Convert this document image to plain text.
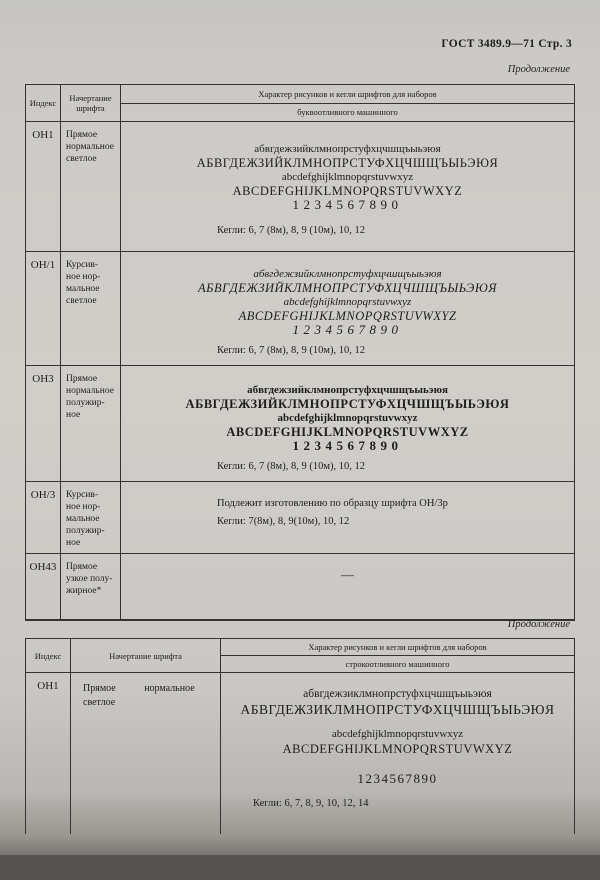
ГОСТ 3489.9—71 Стр. 3
Продолжение
Индекс	Начертание шрифта
Характер рисунков и кегли шрифтов для наборов
буквоотливного машинного
ОН1	Прямое
нормальное
светлое
абвгдежзийклмнопрстуфхцчшщъыьэюя
АБВГДЕЖЗИЙКЛМНОПРСТУФХЦЧШЩЪЫЬЭЮЯ
abcdefghijklmnopqrstuvwxyz
ABCDEFGHIJKLMNOPQRSTUVWXYZ
1234567890
Кегли: 6, 7 (8м), 8, 9 (10м), 10, 12
ОН/1	Курсив-
ное нор-
мальное
светлое
абвгдежзийклмнопрстуфхцчшщъыьэюя
АБВГДЕЖЗИЙКЛМНОПРСТУФХЦЧШЩЪЫЬЭЮЯ
abcdefghijklmnopqrstuvwxyz
ABCDEFGHIJKLMNOPQRSTUVWXYZ
1234567890
Кегли: 6, 7 (8м), 8, 9 (10м), 10, 12
ОН3	Прямое
нормальное
полужир-
ное
абвгдежзийклмнопрстуфхцчшщъыьэюя
АБВГДЕЖЗИЙКЛМНОПРСТУФХЦЧШЩЪЫЬЭЮЯ
abcdefghijklmnopqrstuvwxyz
ABCDEFGHIJKLMNOPQRSTUVWXYZ
1234567890
Кегли: 6, 7 (8м), 8, 9 (10м), 10, 12
ОН/3	Курсив-
ное нор-
мальное
полужир-
ное
Подлежит изготовлению по образцу шрифта ОН/3р
Кегли: 7(8м), 8, 9(10м), 10, 12
ОН43	Прямое
узкое полу-
жирное*
—
Продолжение
Индекс	Начертание шрифта
Характер рисунков и кегли шрифтов для наборов
строкоотливного машинного
ОН1	Прямое нормальное
светлое
абвгдежзиклмнопрстуфхцчшщъыьэюя
АБВГДЕЖЗИКЛМНОПРСТУФХЦЧШЩЪЫЬЭЮЯ
abcdefghijklmnopqrstuvwxyz
ABCDEFGHIJKLMNOPQRSTUVWXYZ
1234567890
Кегли: 6, 7, 8, 9, 10, 12, 14
